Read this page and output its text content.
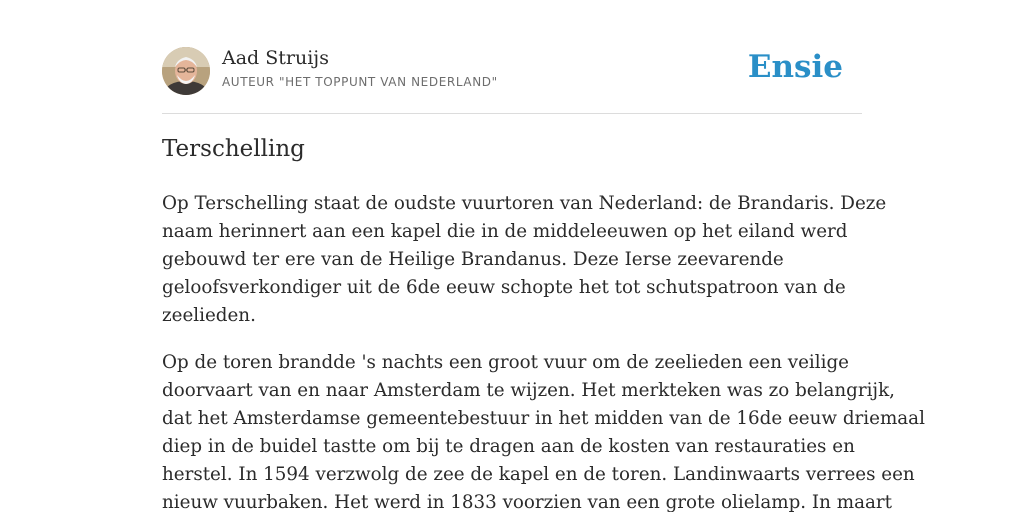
Aad Struijs
AUTEUR "HET TOPPUNT VAN NEDERLAND"	Ensie
Terschelling

Op Terschelling staat de oudste vuurtoren van Nederland: de Brandaris. Deze
naam herinnert aan een kapel die in de middeleeuwen op het eiland werd
gebouwd ter ere van de Heilige Brandanus. Deze Ierse zeevarende
geloofsverkondiger uit de 6de eeuw schopte het tot schutspatroon van de
zeelieden.

Op de toren brandde 's nachts een groot vuur om de zeelieden een veilige
doorvaart van en naar Amsterdam te wijzen. Het merkteken was zo belangrijk,
dat het Amsterdamse gemeentebestuur in het midden van de 16de eeuw driemaal
diep in de buidel tastte om bij te dragen aan de kosten van restauraties en
herstel. In 1594 verzwolg de zee de kapel en de toren. Landinwaarts verrees een
nieuw vuurbaken. Het werd in 1833 voorzien van een grote olielamp. In maart
